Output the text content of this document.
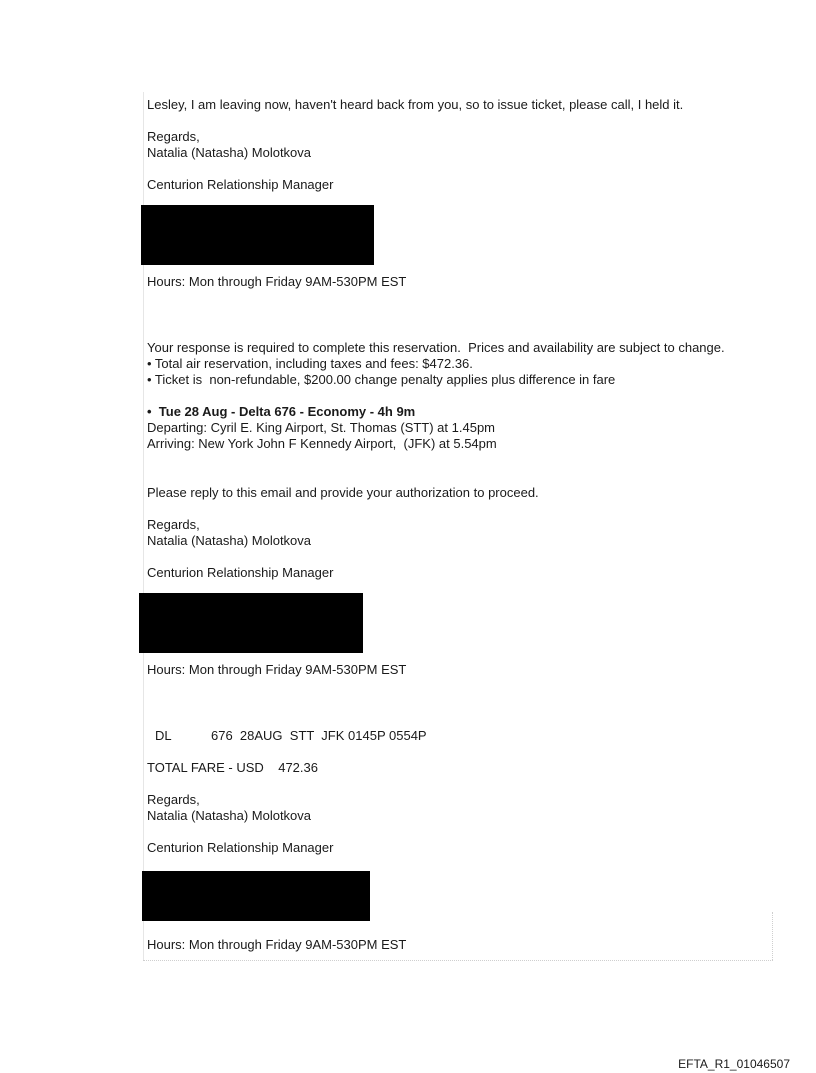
Lesley, I am leaving now, haven't heard back from you, so to issue ticket, please call, I held it.
Regards,
Natalia (Natasha) Molotkova
Centurion Relationship Manager
Hours: Mon through Friday 9AM-530PM EST
Your response is required to complete this reservation.  Prices and availability are subject to change.
• Total air reservation, including taxes and fees: $472.36.
• Ticket is  non-refundable, $200.00 change penalty applies plus difference in fare
•  Tue 28 Aug - Delta 676 - Economy - 4h 9m
Departing: Cyril E. King Airport, St. Thomas (STT) at 1.45pm
Arriving: New York John F Kennedy Airport,  (JFK) at 5.54pm
Please reply to this email and provide your authorization to proceed.
Regards,
Natalia (Natasha) Molotkova
Centurion Relationship Manager
Hours: Mon through Friday 9AM-530PM EST
DL	676  28AUG  STT  JFK 0145P 0554P
TOTAL FARE - USD    472.36
Regards,
Natalia (Natasha) Molotkova
Centurion Relationship Manager
Hours: Mon through Friday 9AM-530PM EST
EFTA_R1_01046507
